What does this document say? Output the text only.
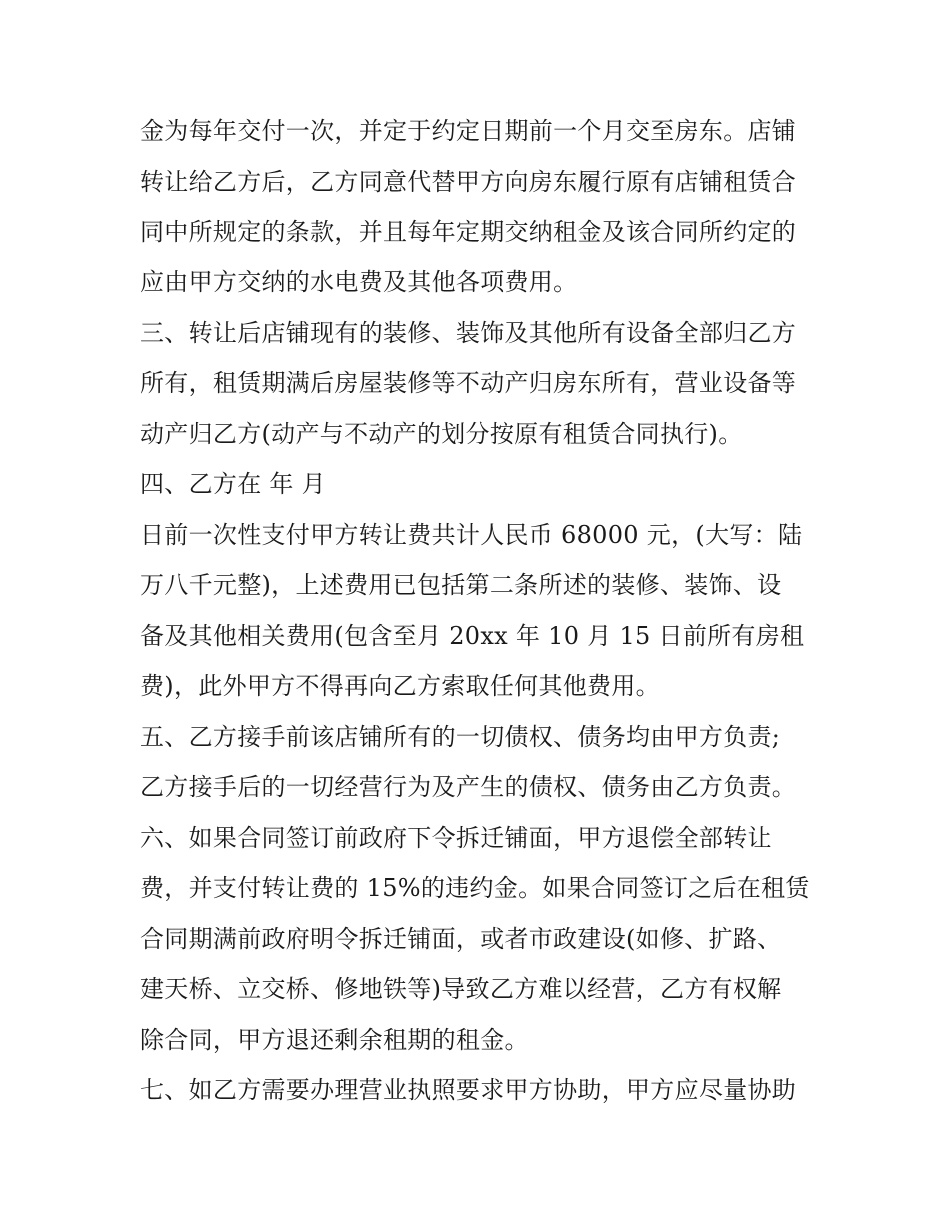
金为每年交付一次，并定于约定日期前一个月交至房东。店铺
转让给乙方后，乙方同意代替甲方向房东履行原有店铺租赁合
同中所规定的条款，并且每年定期交纳租金及该合同所约定的
应由甲方交纳的水电费及其他各项费用。
三、转让后店铺现有的装修、装饰及其他所有设备全部归乙方
所有，租赁期满后房屋装修等不动产归房东所有，营业设备等
动产归乙方(动产与不动产的划分按原有租赁合同执行)。
四、乙方在 年 月
日前一次性支付甲方转让费共计人民币 68000 元，(大写：陆
万八千元整)，上述费用已包括第二条所述的装修、装饰、设
备及其他相关费用(包含至月 20xx 年 10 月 15 日前所有房租
费)，此外甲方不得再向乙方索取任何其他费用。
五、乙方接手前该店铺所有的一切债权、债务均由甲方负责;
乙方接手后的一切经营行为及产生的债权、债务由乙方负责。
六、如果合同签订前政府下令拆迁铺面，甲方退偿全部转让
费，并支付转让费的 15%的违约金。如果合同签订之后在租赁
合同期满前政府明令拆迁铺面，或者市政建设(如修、扩路、
建天桥、立交桥、修地铁等)导致乙方难以经营，乙方有权解
除合同，甲方退还剩余租期的租金。
七、如乙方需要办理营业执照要求甲方协助，甲方应尽量协助
